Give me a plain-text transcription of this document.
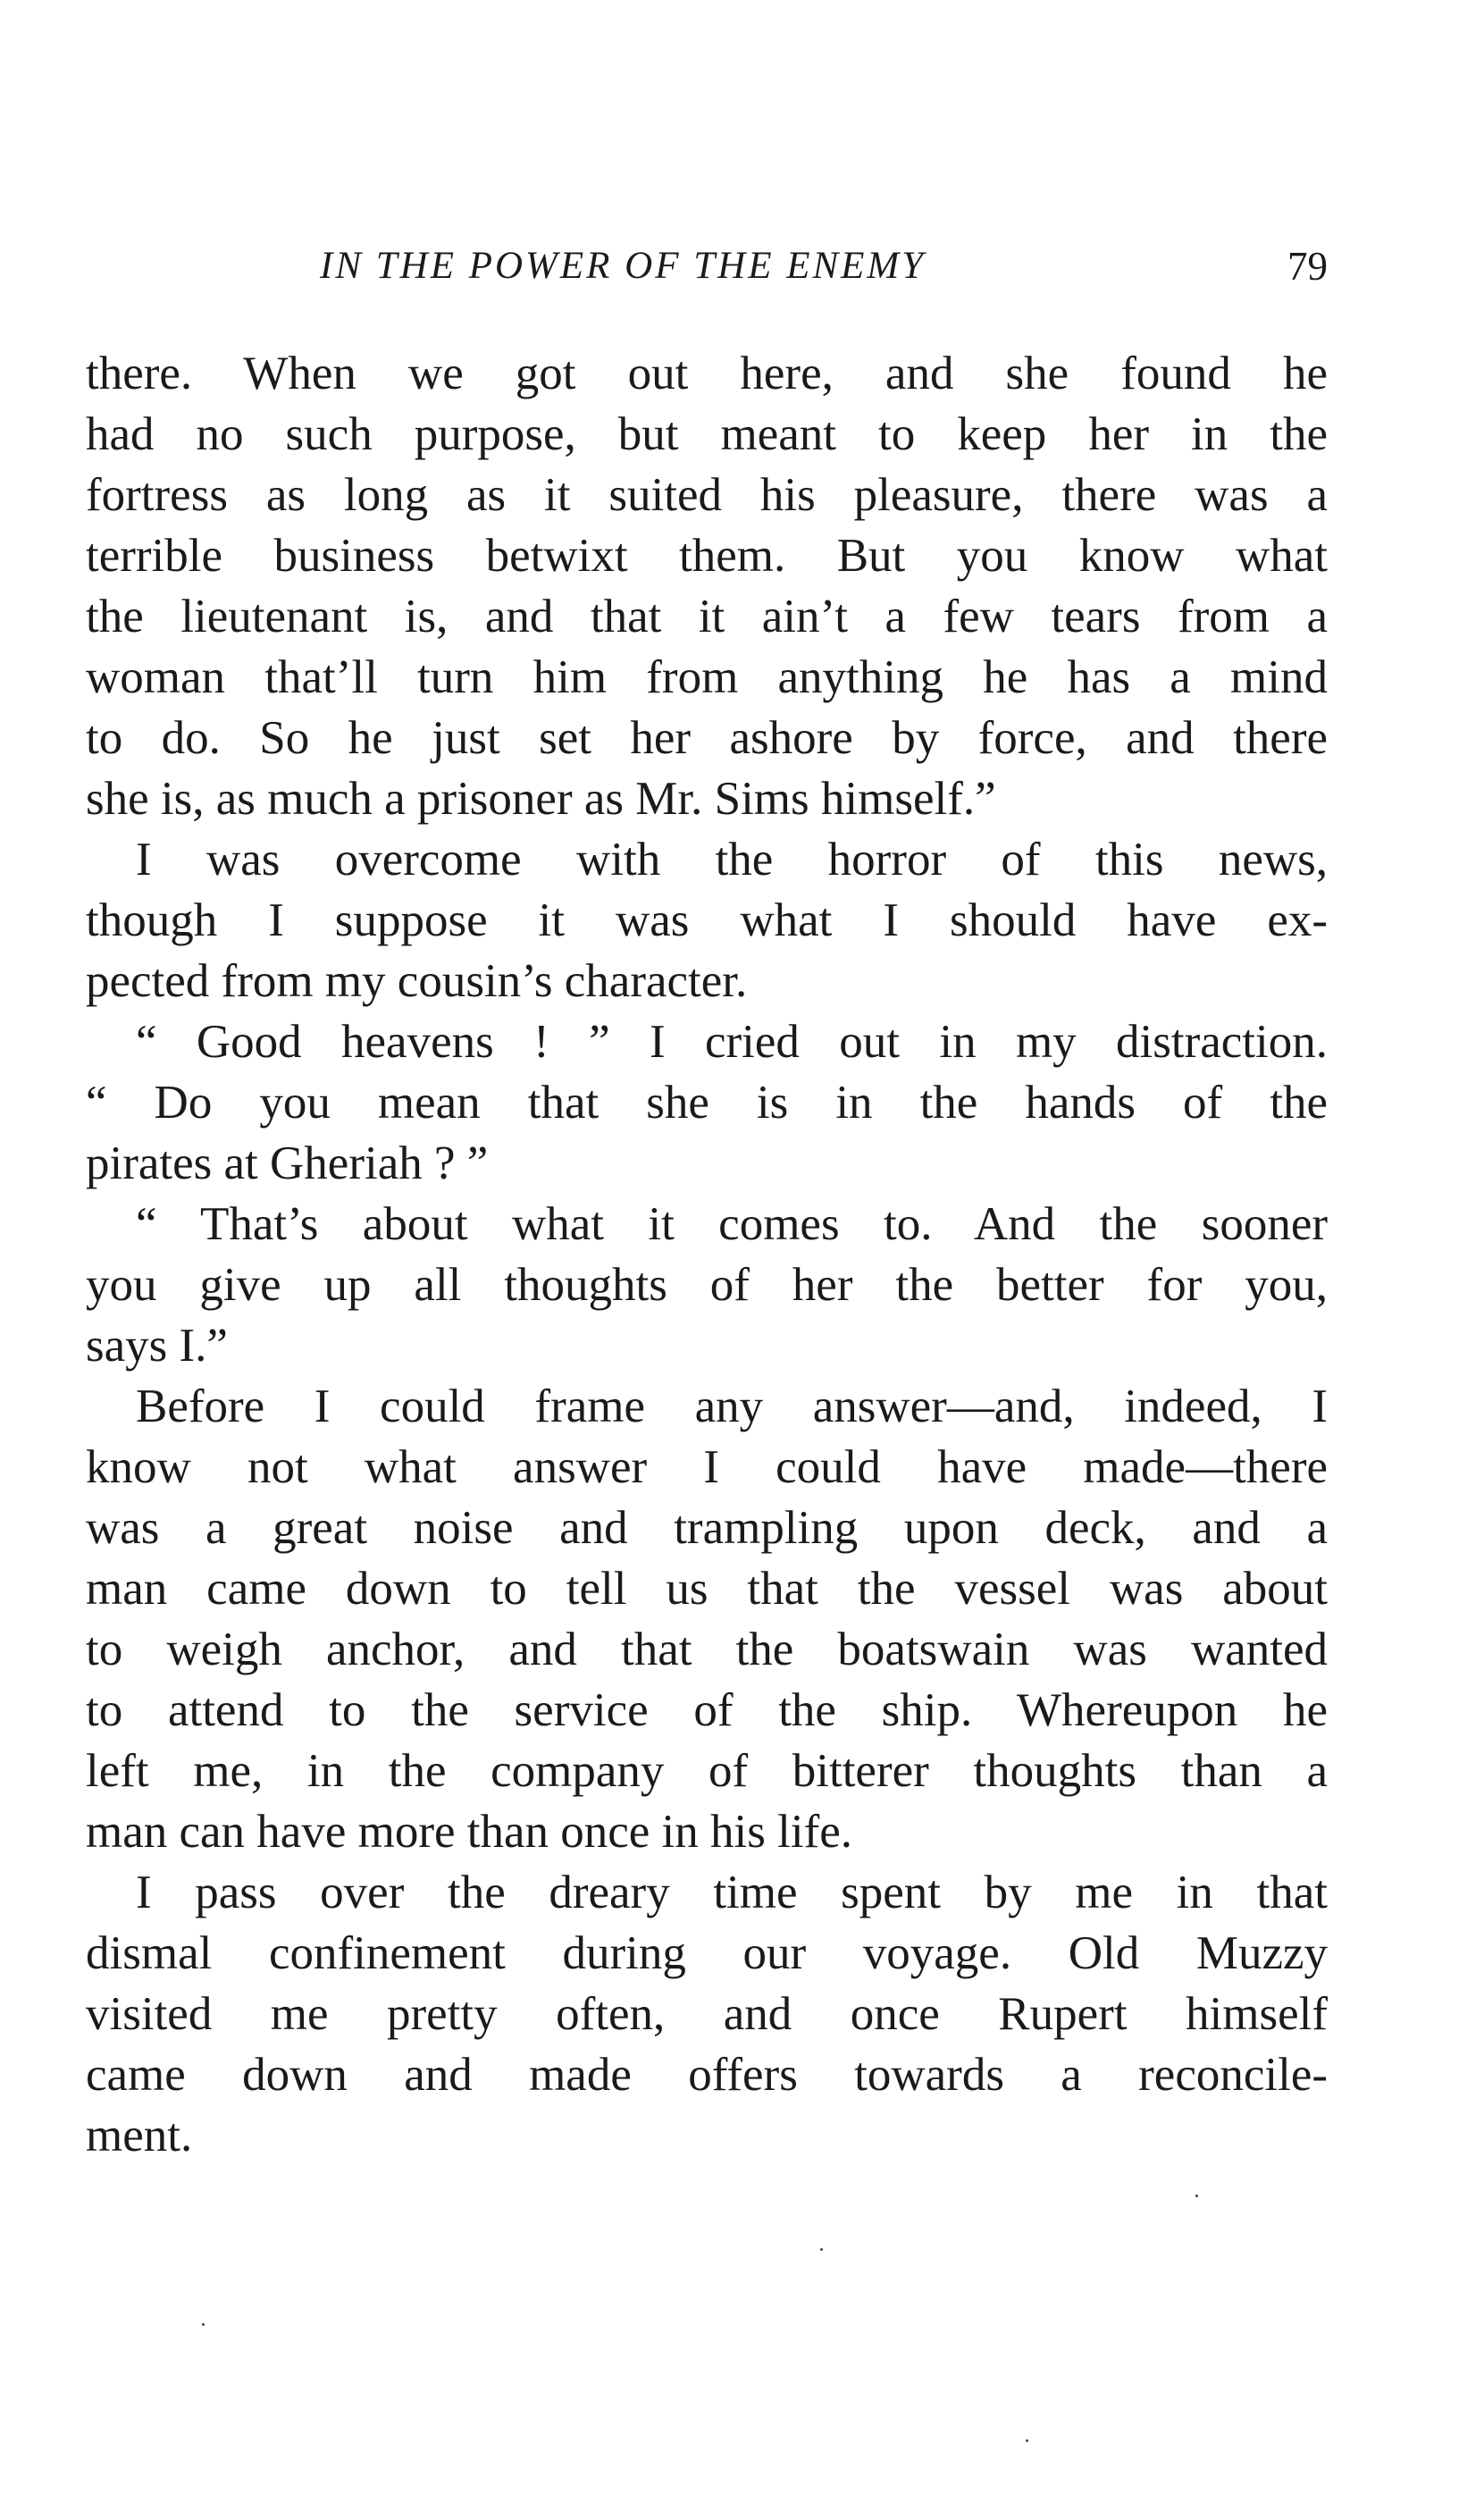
IN THE POWER OF THE ENEMY	79

there. When we got out here, and she found he
had no such purpose, but meant to keep her in the
fortress as long as it suited his pleasure, there was a
terrible business betwixt them. But you know what
the lieutenant is, and that it ain’t a few tears from a
woman that’ll turn him from anything he has a mind
to do. So he just set her ashore by force, and there
she is, as much a prisoner as Mr. Sims himself.”

I was overcome with the horror of this news,
though I suppose it was what I should have ex-
pected from my cousin’s character.

“ Good heavens ! ” I cried out in my distraction.
“ Do you mean that she is in the hands of the
pirates at Gheriah ? ”

“ That’s about what it comes to. And the sooner
you give up all thoughts of her the better for you,
says I.”

Before I could frame any answer—and, indeed, I
know not what answer I could have made—there
was a great noise and trampling upon deck, and a
man came down to tell us that the vessel was about
to weigh anchor, and that the boatswain was wanted
to attend to the service of the ship. Whereupon he
left me, in the company of bitterer thoughts than a
man can have more than once in his life.

I pass over the dreary time spent by me in that
dismal confinement during our voyage. Old Muzzy
visited me pretty often, and once Rupert himself
came down and made offers towards a reconcile-
ment.
